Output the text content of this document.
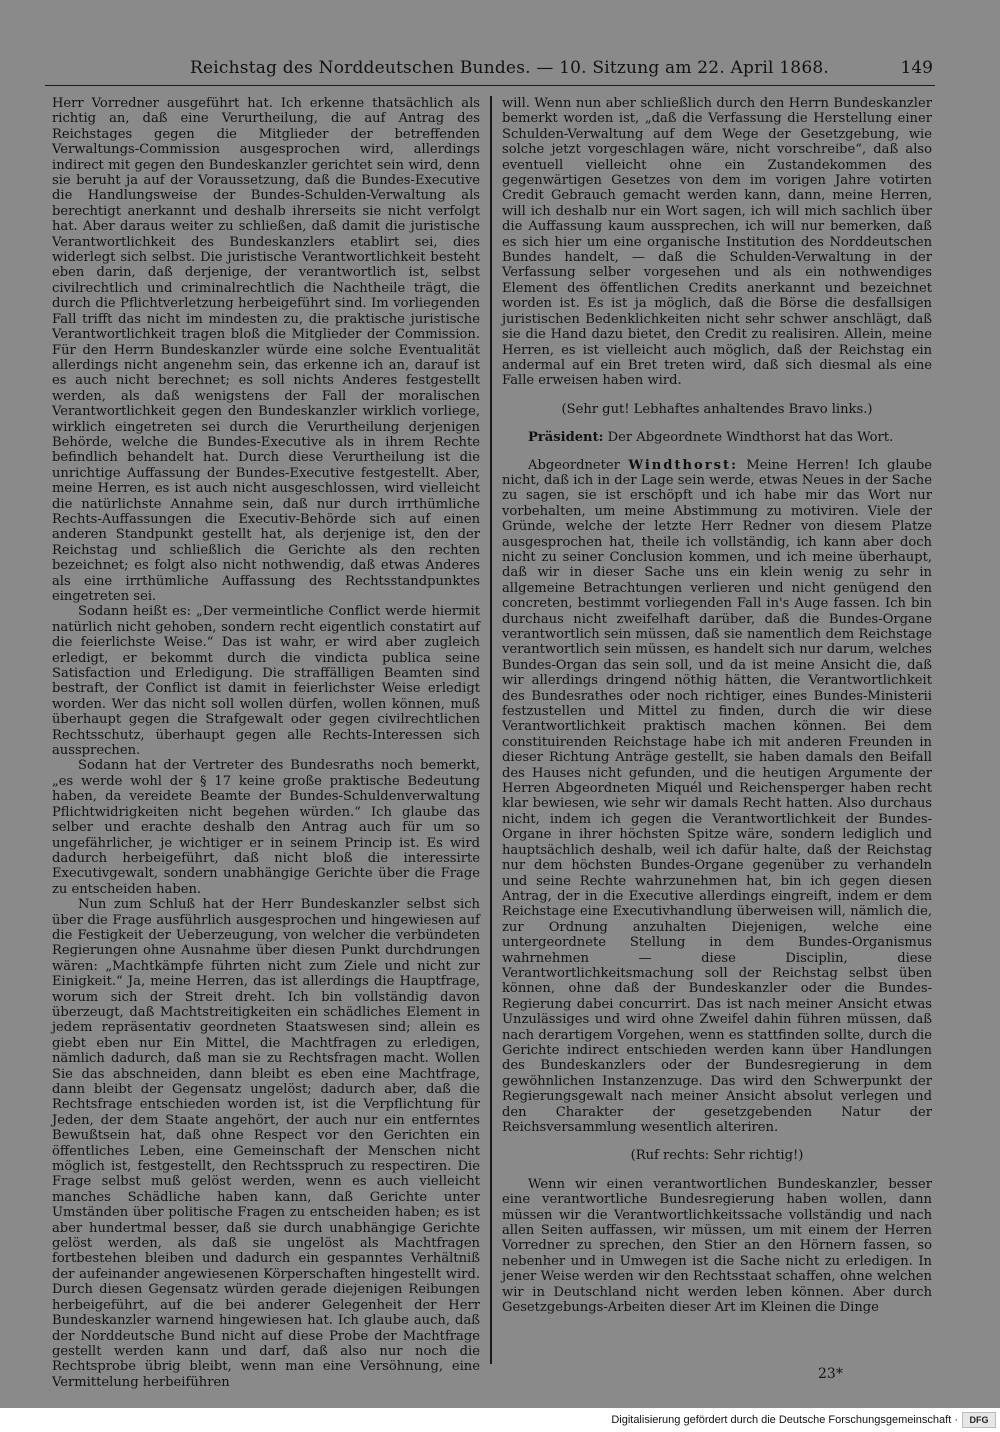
Reichstag des Norddeutschen Bundes. — 10. Sitzung am 22. April 1868.	149

Herr Vorredner ausgeführt hat. Ich erkenne thatsächlich als richtig an, daß eine Verurtheilung, die auf Antrag des Reichstages gegen die Mitglieder der betreffenden Verwaltungs-Commission ausgesprochen wird, allerdings indirect mit gegen den Bundeskanzler gerichtet sein wird, denn sie beruht ja auf der Voraussetzung, daß die Bundes-Executive die Handlungsweise der Bundes-Schulden-Verwaltung als berechtigt anerkannt und deshalb ihrerseits sie nicht verfolgt hat. Aber daraus weiter zu schließen, daß damit die juristische Verantwortlichkeit des Bundeskanzlers etablirt sei, dies widerlegt sich selbst. Die juristische Verantwortlichkeit besteht eben darin, daß derjenige, der verantwortlich ist, selbst civilrechtlich und criminalrechtlich die Nachtheile trägt, die durch die Pflichtverletzung herbeigeführt sind. Im vorliegenden Fall trifft das nicht im mindesten zu, die praktische juristische Verantwortlichkeit tragen bloß die Mitglieder der Commission. Für den Herrn Bundeskanzler würde eine solche Eventualität allerdings nicht angenehm sein, das erkenne ich an, darauf ist es auch nicht berechnet; es soll nichts Anderes festgestellt werden, als daß wenigstens der Fall der moralischen Verantwortlichkeit gegen den Bundeskanzler wirklich vorliege, wirklich eingetreten sei durch die Verurtheilung derjenigen Behörde, welche die Bundes-Executive als in ihrem Rechte befindlich behandelt hat. Durch diese Verurtheilung ist die unrichtige Auffassung der Bundes-Executive festgestellt. Aber, meine Herren, es ist auch nicht ausgeschlossen, wird vielleicht die natürlichste Annahme sein, daß nur durch irrthümliche Rechts-Auffassungen die Executiv-Behörde sich auf einen anderen Standpunkt gestellt hat, als derjenige ist, den der Reichstag und schließlich die Gerichte als den rechten bezeichnet; es folgt also nicht nothwendig, daß etwas Anderes als eine irrthümliche Auffassung des Rechtsstandpunktes eingetreten sei.

Sodann heißt es: „Der vermeintliche Conflict werde hiermit natürlich nicht gehoben, sondern recht eigentlich constatirt auf die feierlichste Weise.“ Das ist wahr, er wird aber zugleich erledigt, er bekommt durch die vindicta publica seine Satisfaction und Erledigung. Die straffälligen Beamten sind bestraft, der Conflict ist damit in feierlichster Weise erledigt worden. Wer das nicht soll wollen dürfen, wollen können, muß überhaupt gegen die Strafgewalt oder gegen civilrechtlichen Rechtsschutz, überhaupt gegen alle Rechts-Interessen sich aussprechen.

Sodann hat der Vertreter des Bundesraths noch bemerkt, „es werde wohl der § 17 keine große praktische Bedeutung haben, da vereidete Beamte der Bundes-Schuldenverwaltung Pflichtwidrigkeiten nicht begehen würden.“ Ich glaube das selber und erachte deshalb den Antrag auch für um so ungefährlicher, je wichtiger er in seinem Princip ist. Es wird dadurch herbeigeführt, daß nicht bloß die interessirte Executivgewalt, sondern unabhängige Gerichte über die Frage zu entscheiden haben.

Nun zum Schluß hat der Herr Bundeskanzler selbst sich über die Frage ausführlich ausgesprochen und hingewiesen auf die Festigkeit der Ueberzeugung, von welcher die verbündeten Regierungen ohne Ausnahme über diesen Punkt durchdrungen wären: „Machtkämpfe führten nicht zum Ziele und nicht zur Einigkeit.“ Ja, meine Herren, das ist allerdings die Hauptfrage, worum sich der Streit dreht. Ich bin vollständig davon überzeugt, daß Machtstreitigkeiten ein schädliches Element in jedem repräsentativ geordneten Staatswesen sind; allein es giebt eben nur Ein Mittel, die Machtfragen zu erledigen, nämlich dadurch, daß man sie zu Rechtsfragen macht. Wollen Sie das abschneiden, dann bleibt es eben eine Machtfrage, dann bleibt der Gegensatz ungelöst; dadurch aber, daß die Rechtsfrage entschieden worden ist, ist die Verpflichtung für Jeden, der dem Staate angehört, der auch nur ein entferntes Bewußtsein hat, daß ohne Respect vor den Gerichten ein öffentliches Leben, eine Gemeinschaft der Menschen nicht möglich ist, festgestellt, den Rechtsspruch zu respectiren. Die Frage selbst muß gelöst werden, wenn es auch vielleicht manches Schädliche haben kann, daß Gerichte unter Umständen über politische Fragen zu entscheiden haben; es ist aber hundertmal besser, daß sie durch unabhängige Gerichte gelöst werden, als daß sie ungelöst als Machtfragen fortbestehen bleiben und dadurch ein gespanntes Verhältniß der aufeinander angewiesenen Körperschaften hingestellt wird. Durch diesen Gegensatz würden gerade diejenigen Reibungen herbeigeführt, auf die bei anderer Gelegenheit der Herr Bundeskanzler warnend hingewiesen hat. Ich glaube auch, daß der Norddeutsche Bund nicht auf diese Probe der Machtfrage gestellt werden kann und darf, daß also nur noch die Rechtsprobe übrig bleibt, wenn man eine Versöhnung, eine Vermittelung herbeiführen

will. Wenn nun aber schließlich durch den Herrn Bundeskanzler bemerkt worden ist, „daß die Verfassung die Herstellung einer Schulden-Verwaltung auf dem Wege der Gesetzgebung, wie solche jetzt vorgeschlagen wäre, nicht vorschreibe“, daß also eventuell vielleicht ohne ein Zustandekommen des gegenwärtigen Gesetzes von dem im vorigen Jahre votirten Credit Gebrauch gemacht werden kann, dann, meine Herren, will ich deshalb nur ein Wort sagen, ich will mich sachlich über die Auffassung kaum aussprechen, ich will nur bemerken, daß es sich hier um eine organische Institution des Norddeutschen Bundes handelt, — daß die Schulden-Verwaltung in der Verfassung selber vorgesehen und als ein nothwendiges Element des öffentlichen Credits anerkannt und bezeichnet worden ist. Es ist ja möglich, daß die Börse die desfallsigen juristischen Bedenklichkeiten nicht sehr schwer anschlägt, daß sie die Hand dazu bietet, den Credit zu realisiren. Allein, meine Herren, es ist vielleicht auch möglich, daß der Reichstag ein andermal auf ein Bret treten wird, daß sich diesmal als eine Falle erweisen haben wird.

(Sehr gut! Lebhaftes anhaltendes Bravo links.)

Präsident: Der Abgeordnete Windthorst hat das Wort.

Abgeordneter Windthorst: Meine Herren! Ich glaube nicht, daß ich in der Lage sein werde, etwas Neues in der Sache zu sagen, sie ist erschöpft und ich habe mir das Wort nur vorbehalten, um meine Abstimmung zu motiviren. Viele der Gründe, welche der letzte Herr Redner von diesem Platze ausgesprochen hat, theile ich vollständig, ich kann aber doch nicht zu seiner Conclusion kommen, und ich meine überhaupt, daß wir in dieser Sache uns ein klein wenig zu sehr in allgemeine Betrachtungen verlieren und nicht genügend den concreten, bestimmt vorliegenden Fall in's Auge fassen. Ich bin durchaus nicht zweifelhaft darüber, daß die Bundes-Organe verantwortlich sein müssen, daß sie namentlich dem Reichstage verantwortlich sein müssen, es handelt sich nur darum, welches Bundes-Organ das sein soll, und da ist meine Ansicht die, daß wir allerdings dringend nöthig hätten, die Verantwortlichkeit des Bundesrathes oder noch richtiger, eines Bundes-Ministerii festzustellen und Mittel zu finden, durch die wir diese Verantwortlichkeit praktisch machen können. Bei dem constituirenden Reichstage habe ich mit anderen Freunden in dieser Richtung Anträge gestellt, sie haben damals den Beifall des Hauses nicht gefunden, und die heutigen Argumente der Herren Abgeordneten Miquél und Reichensperger haben recht klar bewiesen, wie sehr wir damals Recht hatten. Also durchaus nicht, indem ich gegen die Verantwortlichkeit der Bundes-Organe in ihrer höchsten Spitze wäre, sondern lediglich und hauptsächlich deshalb, weil ich dafür halte, daß der Reichstag nur dem höchsten Bundes-Organe gegenüber zu verhandeln und seine Rechte wahrzunehmen hat, bin ich gegen diesen Antrag, der in die Executive allerdings eingreift, indem er dem Reichstage eine Executivhandlung überweisen will, nämlich die, zur Ordnung anzuhalten Diejenigen, welche eine untergeordnete Stellung in dem Bundes-Organismus wahrnehmen — diese Disciplin, diese Verantwortlichkeitsmachung soll der Reichstag selbst üben können, ohne daß der Bundeskanzler oder die Bundes-Regierung dabei concurrirt. Das ist nach meiner Ansicht etwas Unzulässiges und wird ohne Zweifel dahin führen müssen, daß nach derartigem Vorgehen, wenn es stattfinden sollte, durch die Gerichte indirect entschieden werden kann über Handlungen des Bundeskanzlers oder der Bundesregierung in dem gewöhnlichen Instanzenzuge. Das wird den Schwerpunkt der Regierungsgewalt nach meiner Ansicht absolut verlegen und den Charakter der gesetzgebenden Natur der Reichsversammlung wesentlich alteriren.

(Ruf rechts: Sehr richtig!)

Wenn wir einen verantwortlichen Bundeskanzler, besser eine verantwortliche Bundesregierung haben wollen, dann müssen wir die Verantwortlichkeitssache vollständig und nach allen Seiten auffassen, wir müssen, um mit einem der Herren Vorredner zu sprechen, den Stier an den Hörnern fassen, so nebenher und in Umwegen ist die Sache nicht zu erledigen. In jener Weise werden wir den Rechtsstaat schaffen, ohne welchen wir in Deutschland nicht werden leben können. Aber durch Gesetzgebungs-Arbeiten dieser Art im Kleinen die Dinge

23*
Digitalisierung gefördert durch die Deutsche Forschungsgemeinschaft ·	DFG
